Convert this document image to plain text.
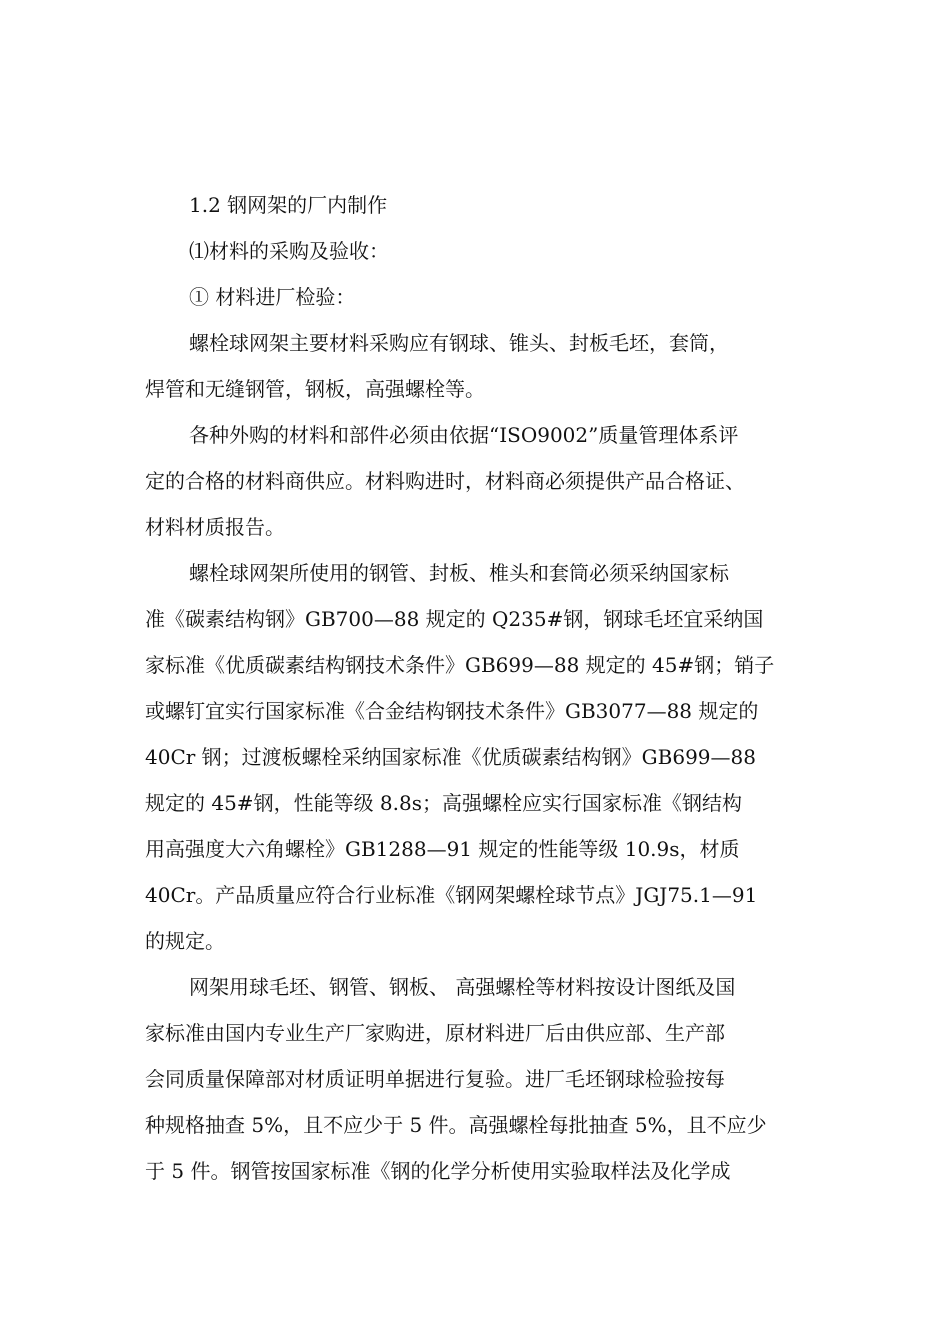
1.2 钢网架的厂内制作
⑴材料的采购及验收：
① 材料进厂检验：
螺栓球网架主要材料采购应有钢球、锥头、封板毛坯，套筒，
焊管和无缝钢管，钢板，高强螺栓等。
各种外购的材料和部件必须由依据“ISO9002”质量管理体系评
定的合格的材料商供应。材料购进时，材料商必须提供产品合格证、
材料材质报告。
螺栓球网架所使用的钢管、封板、椎头和套筒必须采纳国家标
准《碳素结构钢》GB700—88 规定的 Q235#钢，钢球毛坯宜采纳国
家标准《优质碳素结构钢技术条件》GB699—88 规定的 45#钢；销子
或螺钉宜实行国家标准《合金结构钢技术条件》GB3077—88 规定的
40Cr 钢；过渡板螺栓采纳国家标准《优质碳素结构钢》GB699—88
规定的 45#钢，性能等级 8.8s；高强螺栓应实行国家标准《钢结构
用高强度大六角螺栓》GB1288—91 规定的性能等级 10.9s，材质
40Cr。产品质量应符合行业标准《钢网架螺栓球节点》JGJ75.1—91
的规定。
网架用球毛坯、钢管、钢板、 高强螺栓等材料按设计图纸及国
家标准由国内专业生产厂家购进，原材料进厂后由供应部、生产部
会同质量保障部对材质证明单据进行复验。进厂毛坯钢球检验按每
种规格抽查 5%，且不应少于 5 件。高强螺栓每批抽查 5%，且不应少
于 5 件。钢管按国家标准《钢的化学分析使用实验取样法及化学成
